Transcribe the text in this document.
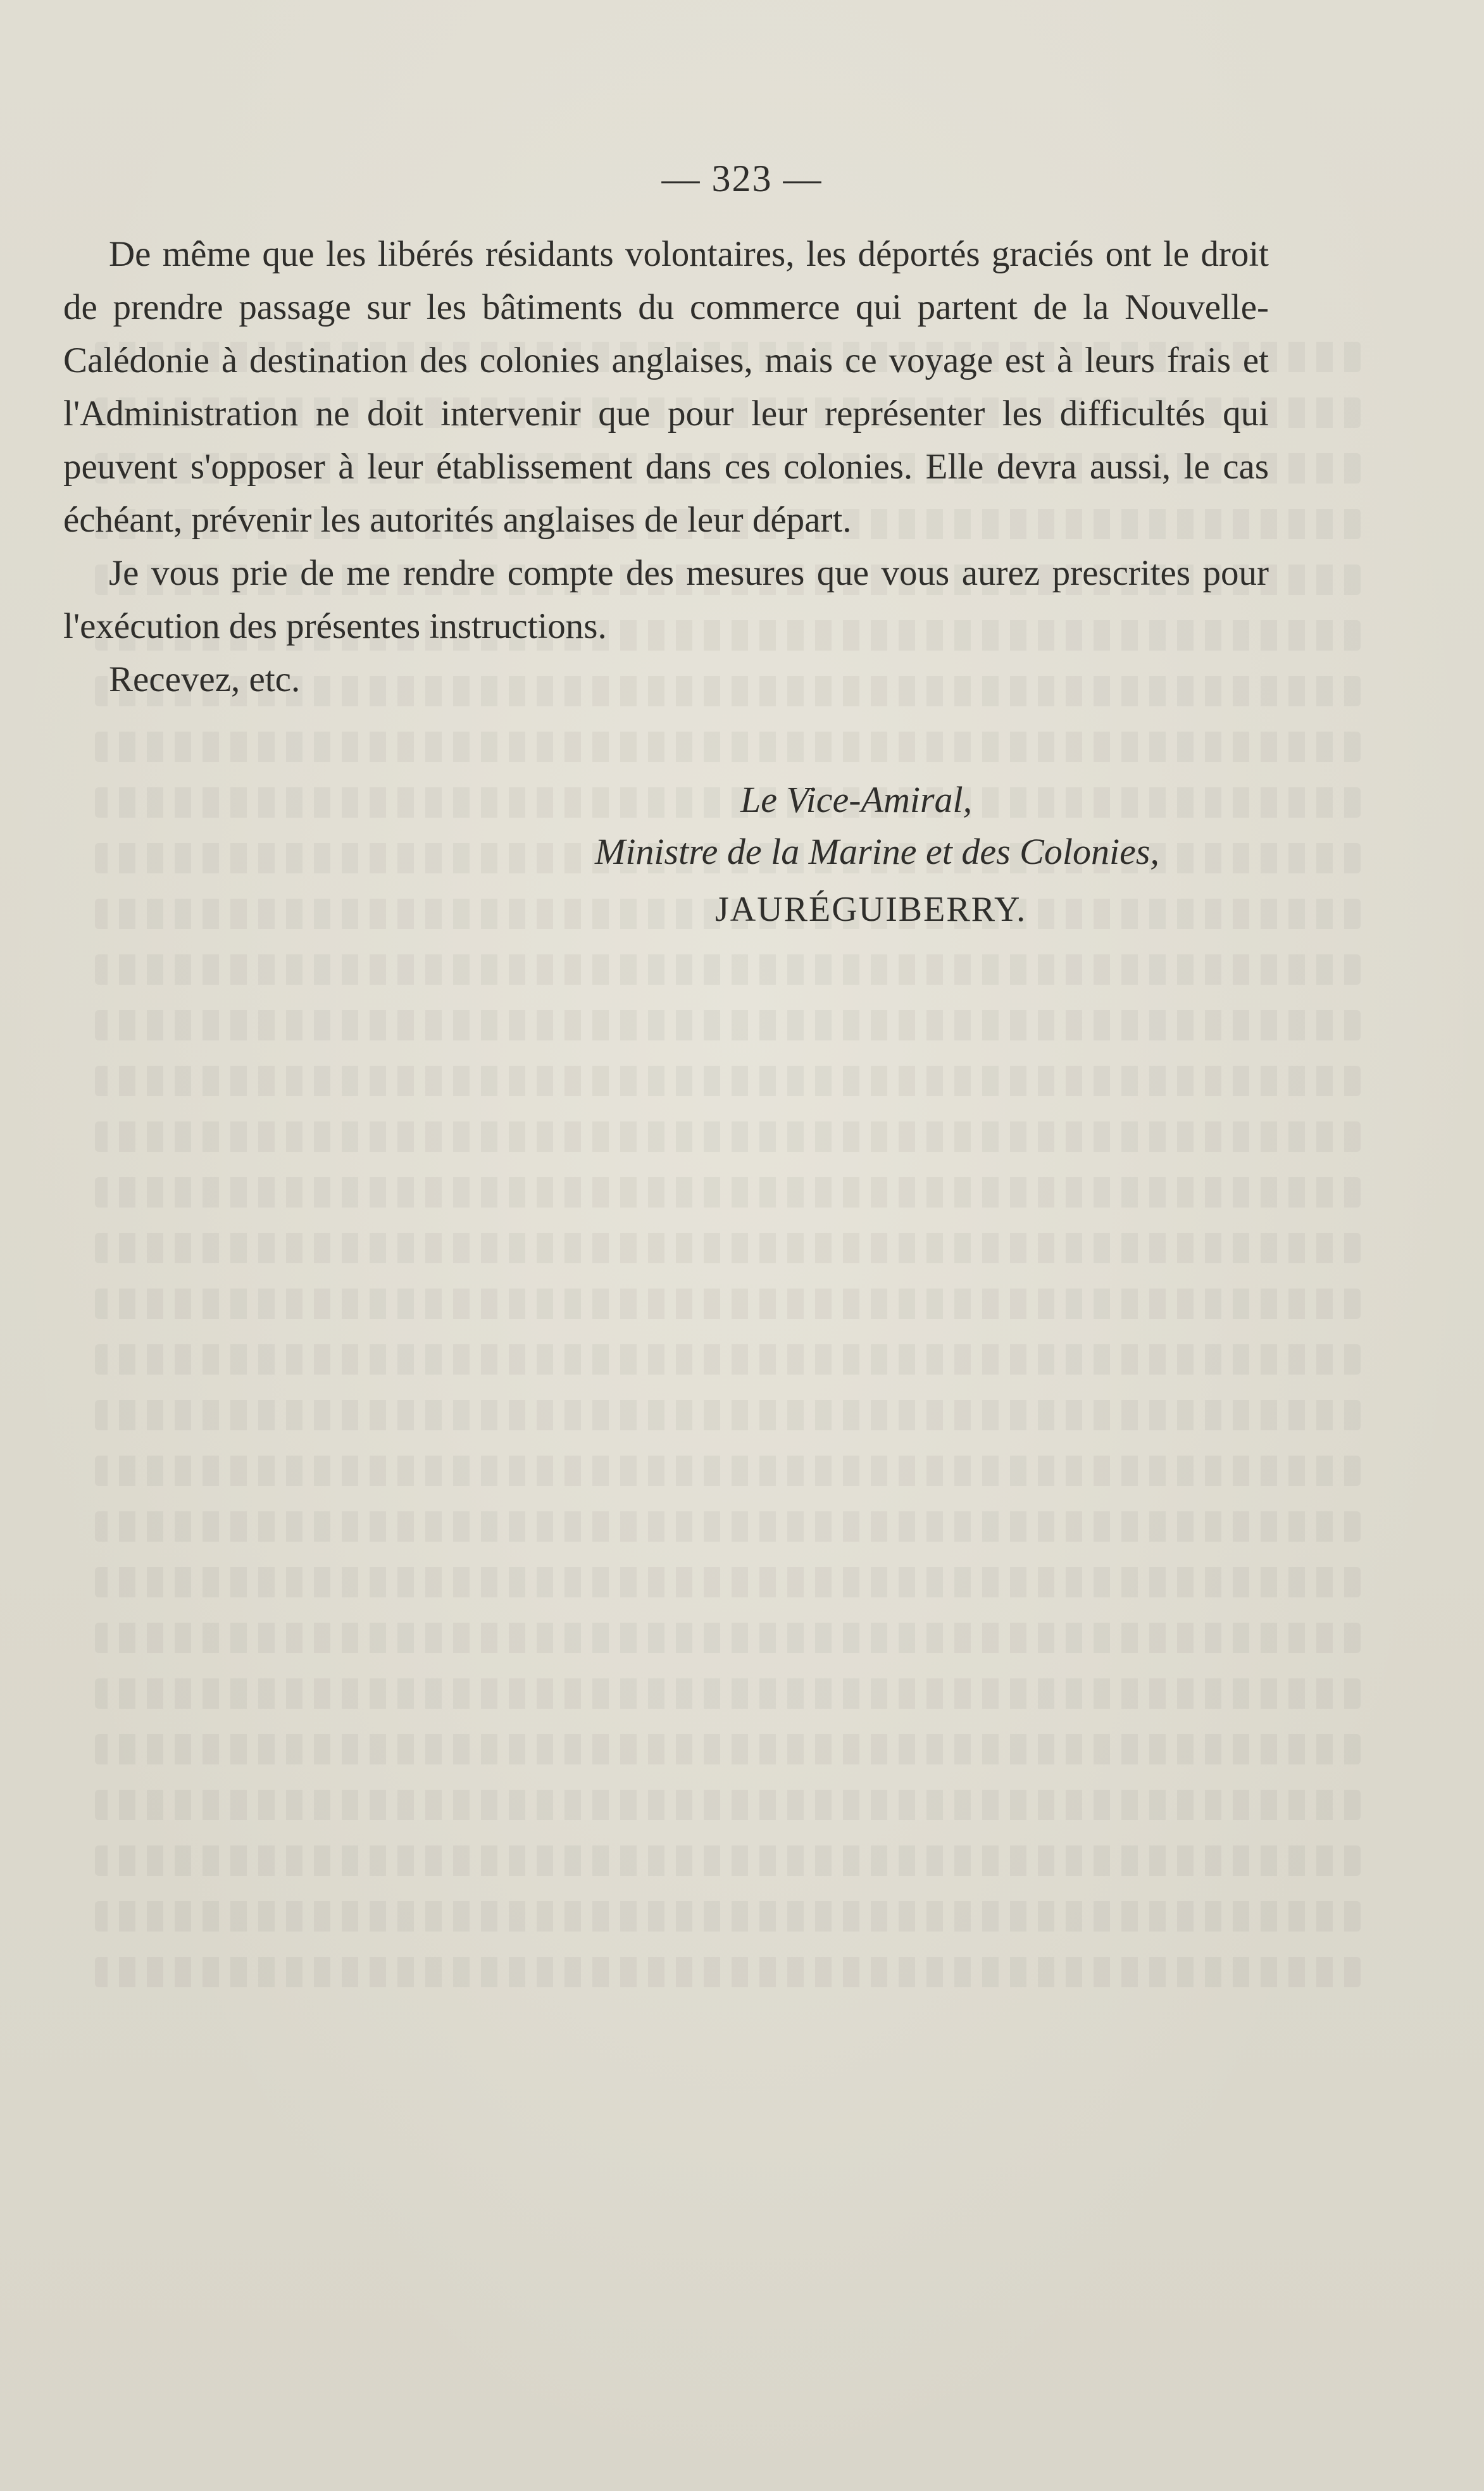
— 323 —

De même que les libérés résidants volontaires, les déportés graciés ont le droit de prendre passage sur les bâtiments du commerce qui partent de la Nouvelle-Calédonie à destination des colonies anglaises, mais ce voyage est à leurs frais et l'Administration ne doit intervenir que pour leur représenter les difficultés qui peuvent s'opposer à leur établissement dans ces colonies. Elle devra aussi, le cas échéant, prévenir les autorités anglaises de leur départ.

Je vous prie de me rendre compte des mesures que vous aurez prescrites pour l'exécution des présentes instructions.

Recevez, etc.

Le Vice-Amiral,
Ministre de la Marine et des Colonies,
JAURÉGUIBERRY.
